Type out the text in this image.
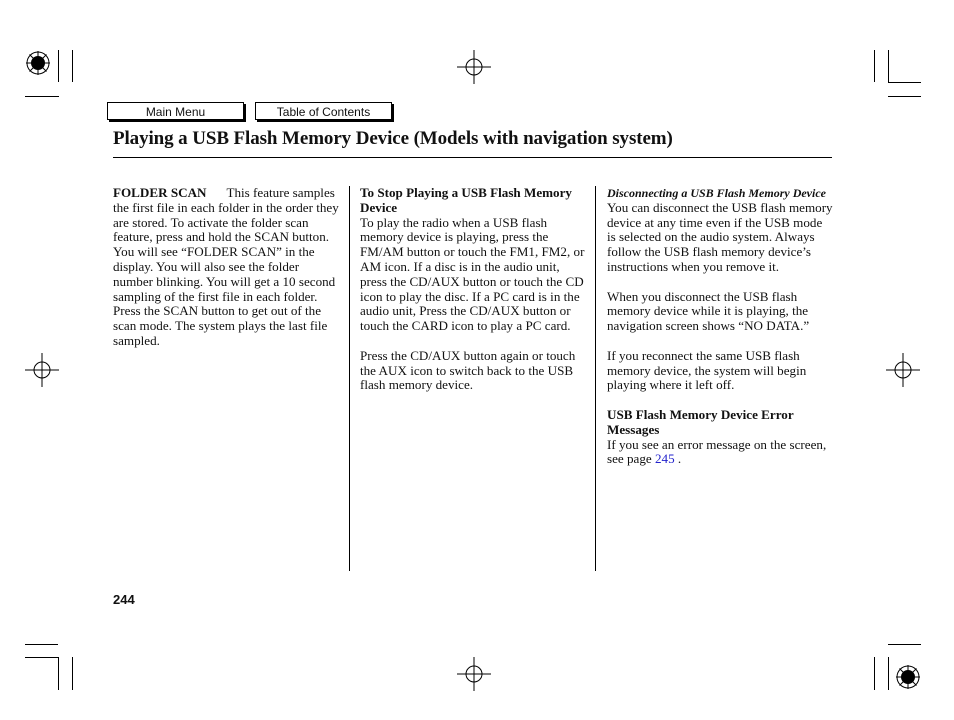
Main Menu	Table of Contents
Playing a USB Flash Memory Device (Models with navigation system)

FOLDER SCAN This feature samples the first file in each folder in the order they are stored. To activate the folder scan feature, press and hold the SCAN button. You will see “FOLDER SCAN” in the display. You will also see the folder number blinking. You will get a 10 second sampling of the first file in each folder. Press the SCAN button to get out of the scan mode. The system plays the last file sampled.

To Stop Playing a USB Flash Memory Device

To play the radio when a USB flash memory device is playing, press the FM/AM button or touch the FM1, FM2, or AM icon. If a disc is in the audio unit, press the CD/AUX button or touch the CD icon to play the disc. If a PC card is in the audio unit, Press the CD/AUX button or touch the CARD icon to play a PC card.

Press the CD/AUX button again or touch the AUX icon to switch back to the USB flash memory device.

Disconnecting a USB Flash Memory Device

You can disconnect the USB flash memory device at any time even if the USB mode is selected on the audio system. Always follow the USB flash memory device’s instructions when you remove it.

When you disconnect the USB flash memory device while it is playing, the navigation screen shows “NO DATA.”

If you reconnect the same USB flash memory device, the system will begin playing where it left off.

USB Flash Memory Device Error Messages

If you see an error message on the screen, see page 245 .

244
